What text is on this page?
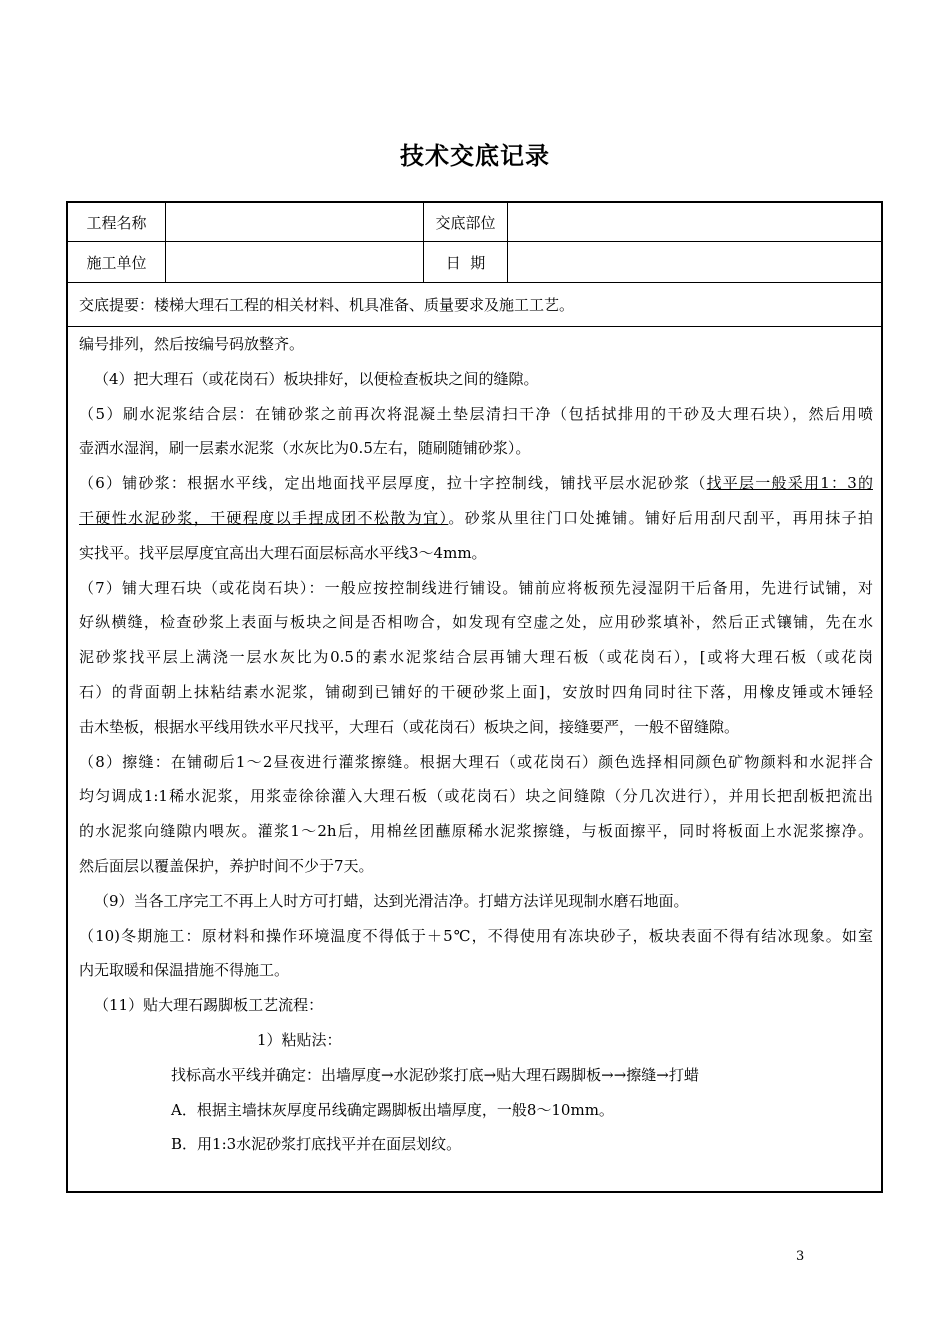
技术交底记录
工程名称	交底部位
施工单位	日  期
交底提要：楼梯大理石工程的相关材料、机具准备、质量要求及施工工艺。
编号排列，然后按编号码放整齐。
（4）把大理石（或花岗石）板块排好，以便检查板块之间的缝隙。
（5）刷水泥浆结合层：在铺砂浆之前再次将混凝土垫层清扫干净（包括拭排用的干砂及大理石块），然后用喷
壶洒水湿润，刷一层素水泥浆（水灰比为0.5左右，随刷随铺砂浆）。
（6）铺砂浆：根据水平线，定出地面找平层厚度，拉十字控制线，铺找平层水泥砂浆（找平层一般采用1：3的
干硬性水泥砂浆，干硬程度以手捏成团不松散为宜）。砂浆从里往门口处摊铺。铺好后用刮尺刮平，再用抹子拍
实找平。找平层厚度宜高出大理石面层标高水平线3～4mm。
（7）铺大理石块（或花岗石块）：一般应按控制线进行铺设。铺前应将板预先浸湿阴干后备用，先进行试铺，对
好纵横缝，检查砂浆上表面与板块之间是否相吻合，如发现有空虚之处，应用砂浆填补，然后正式镶铺，先在水
泥砂浆找平层上满浇一层水灰比为0.5的素水泥浆结合层再铺大理石板（或花岗石），[或将大理石板（或花岗
石）的背面朝上抹粘结素水泥浆，铺砌到已铺好的干硬砂浆上面]，安放时四角同时往下落，用橡皮锤或木锤轻
击木垫板，根据水平线用铁水平尺找平，大理石（或花岗石）板块之间，接缝要严，一般不留缝隙。
（8）擦缝：在铺砌后1～2昼夜进行灌浆擦缝。根据大理石（或花岗石）颜色选择相同颜色矿物颜料和水泥拌合
均匀调成1:1稀水泥浆，用浆壶徐徐灌入大理石板（或花岗石）块之间缝隙（分几次进行），并用长把刮板把流出
的水泥浆向缝隙内喂灰。灌浆1～2h后，用棉丝团蘸原稀水泥浆擦缝，与板面擦平，同时将板面上水泥浆擦净。
然后面层以覆盖保护，养护时间不少于7天。
（9）当各工序完工不再上人时方可打蜡，达到光滑洁净。打蜡方法详见现制水磨石地面。
（10)冬期施工：原材料和操作环境温度不得低于＋5℃，不得使用有冻块砂子，板块表面不得有结冰现象。如室
内无取暖和保温措施不得施工。
（11）贴大理石踢脚板工艺流程：
1）粘贴法：
找标高水平线并确定：出墙厚度→水泥砂浆打底→贴大理石踢脚板→→擦缝→打蜡
A．根据主墙抹灰厚度吊线确定踢脚板出墙厚度，一般8～10mm。
B．用1:3水泥砂浆打底找平并在面层划纹。
3
